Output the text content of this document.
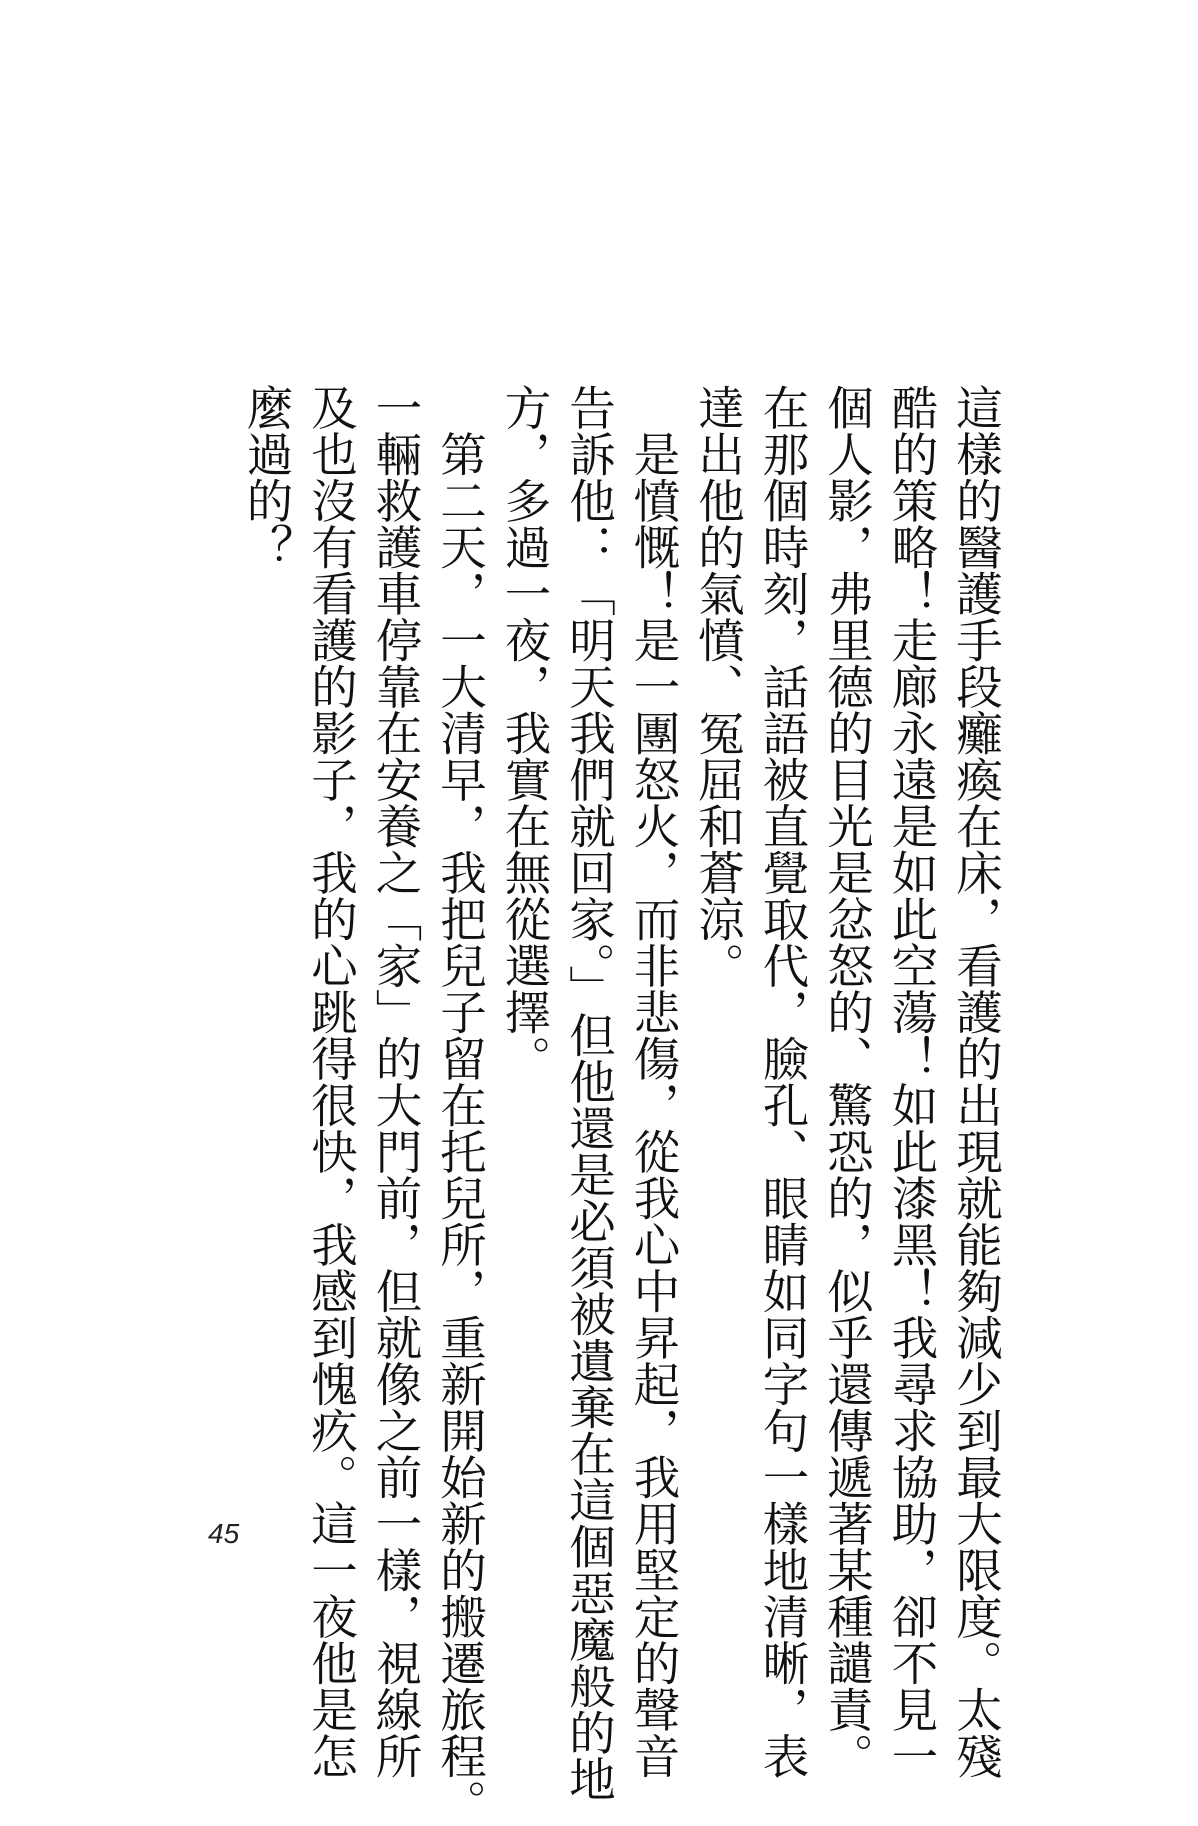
這樣的醫護手段癱瘓在床，看護的出現就能夠減少到最大限度。太殘
酷的策略！走廊永遠是如此空蕩！如此漆黑！我尋求協助，卻不見一
個人影，弗里德的目光是忿怒的、驚恐的，似乎還傳遞著某種譴責。
在那個時刻，話語被直覺取代，臉孔、眼睛如同字句一樣地清晰，表
達出他的氣憤、冤屈和蒼涼。
　是憤慨！是一團怒火，而非悲傷，從我心中昇起，我用堅定的聲音
告訴他：「明天我們就回家。」但他還是必須被遺棄在這個惡魔般的地
方，多過一夜，我實在無從選擇。
　第二天，一大清早，我把兒子留在托兒所，重新開始新的搬遷旅程。
一輛救護車停靠在安養之「家」的大門前，但就像之前一樣，視線所
及也沒有看護的影子，我的心跳得很快，我感到愧疚。這一夜他是怎
麼過的？
45
